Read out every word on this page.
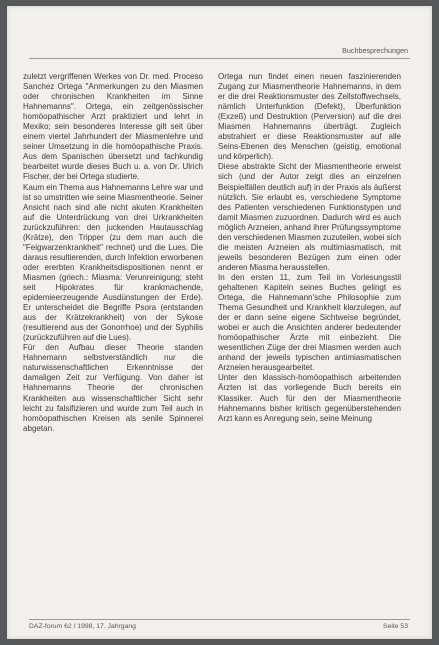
Buchbesprechungen

zuletzt vergriffenen Werkes von Dr. med. Proceso Sanchez Ortega "Anmerkungen zu den Miasmen oder chronischen Krankheiten im Sinne Hahnemanns". Ortega, ein zeitgenössischer homöopathischer Arzt praktiziert und lehrt in Mexiko; sein besonderes Interesse gilt seit über einem viertel Jahrhundert der Miasmenlehre und seiner Umsetzung in die homöopathische Praxis. Aus dem Spanischen übersetzt und fachkundig bearbeitet wurde dieses Buch u. a. von Dr. Ulrich Fischer, der bei Ortega studierte.

Kaum ein Thema aus Hahnemanns Lehre war und ist so umstritten wie seine Miasmentheorie. Seiner Ansicht nach sind alle nicht akuten Krankheiten auf die Unterdrückung von drei Urkrankheiten zurückzuführen: den juckenden Hautausschlag (Krätze), den Tripper (zu dem man auch die "Feigwarzenkrankheit" rechnet) und die Lues. Die daraus resultierenden, durch Infektion erworbenen oder ererbten Krankheitsdispositionen nennt er Miasmen (griech.: Miasma: Verunreinigung; steht seit Hipokrates für krankmachende, epidemieerzeugende Ausdünstungen der Erde). Er unterscheidet die Begriffe Psora (entstanden aus der Krätzekrankheit) von der Sykose (resultierend aus der Gonorrhoe) und der Syphilis (zurückzuführen auf die Lues).

Für den Aufbau dieser Theorie standen Hahnemann selbstverständlich nur die naturwissenschaftlichen Erkenntnisse der damaligen Zeit zur Verfügung. Von daher ist Hahnemanns Theorie der chronischen Krankheiten aus wissenschaftlicher Sicht sehr leicht zu falsifizieren und wurde zum Teil auch in homöopathischen Kreisen als senile Spinnerei abgetan.

Ortega nun findet einen neuen faszinierenden Zugang zur Miasmentheorie Hahnemanns, in dem er die drei Reaktionsmuster des Zellstoffwechsels, nämlich Unterfunktion (Defekt), Überfunktion (Exzeß) und Destruktion (Perversion) auf die drei Miasmen Hahnemanns überträgt. Zugleich abstrahiert er diese Reaktionsmuster auf alle Seins-Ebenen des Menschen (geistig, emotional und körperlich).

Diese abstrakte Sicht der Miasmentheorie erweist sich (und der Autor zeigt dies an einzelnen Beispielfällen deutlich auf) in der Praxis als äußerst nützlich. Sie erlaubt es, verschiedene Symptome des Patienten verschiedenen Funktionstypen und damit Miasmen zuzuordnen. Dadurch wird es auch möglich Arzneien, anhand ihrer Prüfungssymptome den verschiedenen Miasmen zuzuteilen, wobei sich die meisten Arzneien als multimiasmatisch, mit jeweils besonderen Bezügen zum einen oder anderen Miasma herausstellen.

In den ersten 11, zum Teil im Vorlesungsstil gehaltenen Kapiteln seines Buches gelingt es Ortega, die Hahnemann'sche Philosophie zum Thema Gesundheit und Krankheit klarzulegen, auf der er dann seine eigene Sichtweise begründet, wobei er auch die Ansichten anderer bedeutender homöopathischer Ärzte mit einbezieht. Die wesentlichen Züge der drei Miasmen werden auch anhand der jeweils typischen antimiasmatischen Arzneien herausgearbeitet.

Unter den klassisch-homöopathisch arbeitenden Ärzten ist das vorliegende Buch bereits ein Klassiker. Auch für den der Miasmentheorie Hahnemanns bisher kritisch gegenüberstehenden Arzt kann es Anregung sein, seine Meinung

DAZ-forum 62 / 1998, 17. Jahrgang	Seite 53
